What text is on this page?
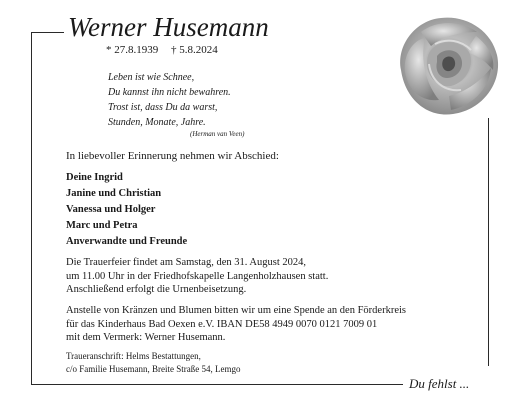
Werner Husemann
* 27.8.1939 † 5.8.2024
Leben ist wie Schnee,
Du kannst ihn nicht bewahren.
Trost ist, dass Du da warst,
Stunden, Monate, Jahre.
(Herman van Veen)
In liebevoller Erinnerung nehmen wir Abschied:
Deine Ingrid
Janine und Christian
Vanessa und Holger
Marc und Petra
Anverwandte und Freunde
Die Trauerfeier findet am Samstag, den 31. August 2024,
um 11.00 Uhr in der Friedhofskapelle Langenholzhausen statt.
Anschließend erfolgt die Urnenbeisetzung.
Anstelle von Kränzen und Blumen bitten wir um eine Spende an den Förderkreis
für das Kinderhaus Bad Oexen e.V. IBAN DE58 4949 0070 0121 7009 01
mit dem Vermerk: Werner Husemann.
Traueranschrift: Helms Bestattungen,
c/o Familie Husemann, Breite Straße 54, Lemgo
Du fehlst ...
